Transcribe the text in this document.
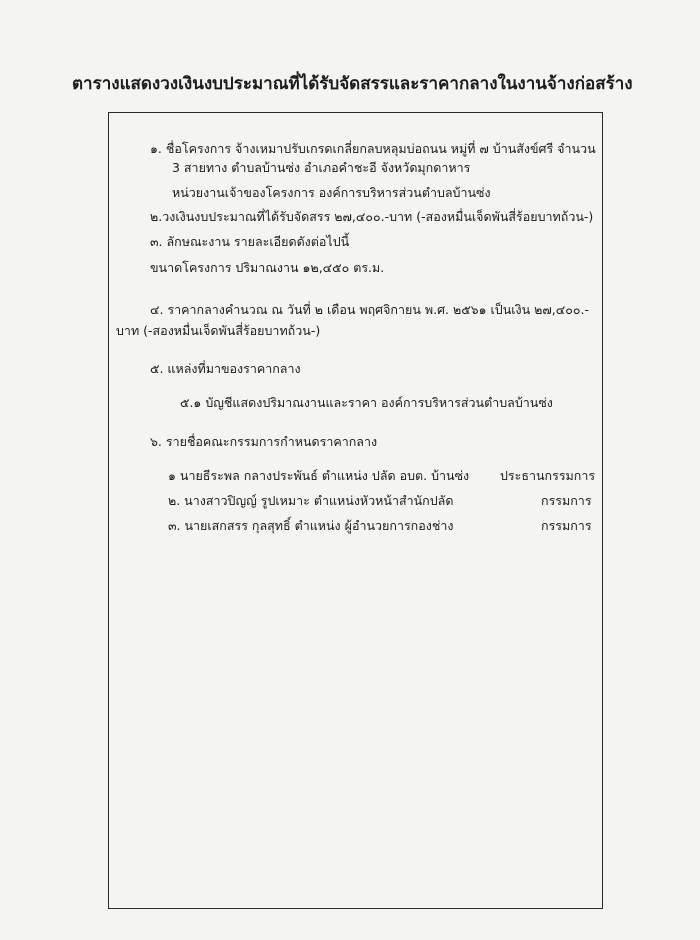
ตารางแสดงวงเงินงบประมาณที่ได้รับจัดสรรและราคากลางในงานจ้างก่อสร้าง
๑. ชื่อโครงการ จ้างเหมาปรับเกรดเกลี่ยกลบหลุมบ่อถนน หมู่ที่ ๗ บ้านสังข์ศรี จำนวน
3 สายทาง ตำบลบ้านซ่ง อำเภอคำชะอี จังหวัดมุกดาหาร
หน่วยงานเจ้าของโครงการ องค์การบริหารส่วนตำบลบ้านซ่ง
๒.วงเงินงบประมาณที่ได้รับจัดสรร ๒๗,๔๐๐.-บาท (-สองหมื่นเจ็ดพันสี่ร้อยบาทถ้วน-)
๓. ลักษณะงาน รายละเอียดดังต่อไปนี้
ขนาดโครงการ ปริมาณงาน ๑๒,๔๕๐ ตร.ม.
๔. ราคากลางคำนวณ ณ วันที่ ๒ เดือน พฤศจิกายน พ.ศ. ๒๕๖๑ เป็นเงิน ๒๗,๔๐๐.-
บาท (-สองหมื่นเจ็ดพันสี่ร้อยบาทถ้วน-)
๕. แหล่งที่มาของราคากลาง
๕.๑ บัญชีแสดงปริมาณงานและราคา องค์การบริหารส่วนตำบลบ้านซ่ง
๖. รายชื่อคณะกรรมการกำหนดราคากลาง
๑ นายธีระพล กลางประพันธ์ ตำแหน่ง ปลัด อบต. บ้านซ่ง ประธานกรรมการ
๒. นางสาวปิญญ์ รูปเหมาะ ตำแหน่งหัวหน้าสำนักปลัด	กรรมการ
๓. นายเสกสรร กุลสุทธิ์ ตำแหน่ง ผู้อำนวยการกองช่าง	กรรมการ
